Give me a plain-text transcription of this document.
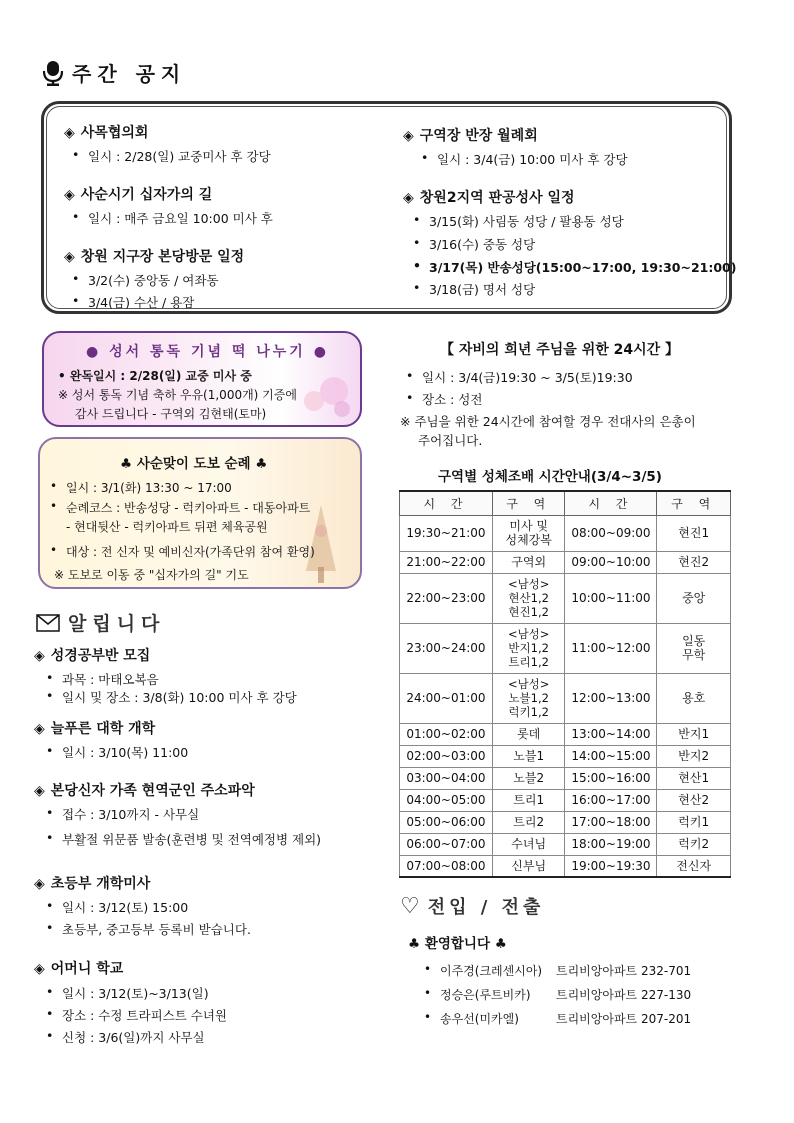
주간 공지
◈ 사목협의회
• 일시 : 2/28(일) 교중미사 후 강당
◈ 사순시기 십자가의 길
• 일시 : 매주 금요일 10:00 미사 후
◈ 창원 지구장 본당방문 일정
• 3/2(수) 중앙동 / 여좌동
• 3/4(금) 수산 / 용잠
◈ 구역장 반장 월례회
• 일시 : 3/4(금) 10:00 미사 후 강당
◈ 창원2지역 판공성사 일정
• 3/15(화) 사림동 성당 / 팔용동 성당
• 3/16(수) 중동 성당
• 3/17(목) 반송성당(15:00~17:00, 19:30~21:00)
• 3/18(금) 명서 성당
● 성서 통독 기념 떡 나누기 ●
• 완독일시 : 2/28(일) 교중 미사 중
※ 성서 통독 기념 축하 우유(1,000개) 기증에
감사 드립니다 - 구역외 김현태(토마)
♣ 사순맞이 도보 순례 ♣
• 일시 : 3/1(화) 13:30 ~ 17:00
• 순례코스 : 반송성당 - 럭키아파트 - 대동아파트
- 현대뒷산 - 럭키아파트 뒤편 체육공원
• 대상 : 전 신자 및 예비신자(가족단위 참여 환영)
※ 도보로 이동 중 "십자가의 길" 기도
알립니다
◈ 성경공부반 모집
• 과목 : 마태오복음
• 일시 및 장소 : 3/8(화) 10:00 미사 후 강당
◈ 늘푸른 대학 개학
• 일시 : 3/10(목) 11:00
◈ 본당신자 가족 현역군인 주소파악
• 접수 : 3/10까지 - 사무실
• 부활절 위문품 발송(훈련병 및 전역예정병 제외)
◈ 초등부 개학미사
• 일시 : 3/12(토) 15:00
• 초등부, 중고등부 등록비 받습니다.
◈ 어머니 학교
• 일시 : 3/12(토)~3/13(일)
• 장소 : 수정 트라피스트 수녀원
• 신청 : 3/6(일)까지 사무실
【 자비의 희년 주님을 위한 24시간 】
• 일시 : 3/4(금)19:30 ~ 3/5(토)19:30
• 장소 : 성전
※ 주님을 위한 24시간에 참여할 경우 전대사의 은총이
주어집니다.
구역별 성체조배 시간안내(3/4~3/5)
시 간	구 역	시 간	구 역
19:30~21:00	미사 및
성체강복	08:00~09:00	현진1
21:00~22:00	구역외	09:00~10:00	현진2
22:00~23:00	<남성>
현산1,2
현진1,2	10:00~11:00	중앙
23:00~24:00	<남성>
반지1,2
트리1,2	11:00~12:00	일동
무학
24:00~01:00	<남성>
노블1,2
럭키1,2	12:00~13:00	용호
01:00~02:00	롯데	13:00~14:00	반지1
02:00~03:00	노블1	14:00~15:00	반지2
03:00~04:00	노블2	15:00~16:00	현산1
04:00~05:00	트리1	16:00~17:00	현산2
05:00~06:00	트리2	17:00~18:00	럭키1
06:00~07:00	수녀님	18:00~19:00	럭키2
07:00~08:00	신부님	19:00~19:30	전신자
♡ 전입 / 전출
♣ 환영합니다 ♣
• 이주경(크레센시아) 트리비앙아파트 232-701
• 정승은(루트비카) 트리비앙아파트 227-130
• 송우선(미카엘)	트리비앙아파트 207-201
